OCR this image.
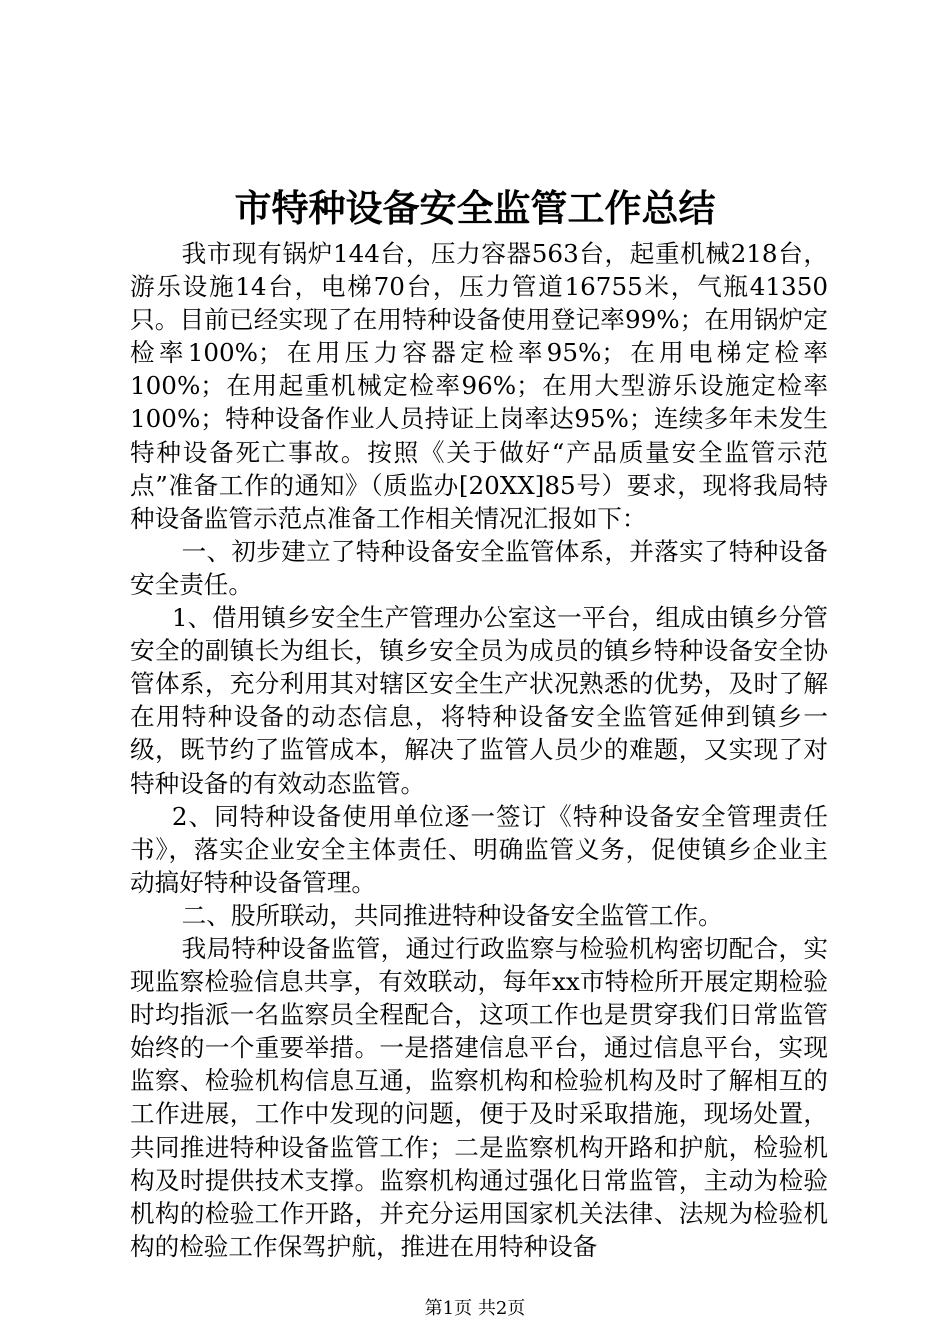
市特种设备安全监管工作总结

我市现有锅炉144台，压力容器563台，起重机械218台，游乐设施14台，电梯70台，压力管道16755米，气瓶41350只。目前已经实现了在用特种设备使用登记率99%；在用锅炉定检率100%；在用压力容器定检率95%；在用电梯定检率100%；在用起重机械定检率96%；在用大型游乐设施定检率100%；特种设备作业人员持证上岗率达95%；连续多年未发生特种设备死亡事故。按照《关于做好“产品质量安全监管示范点”准备工作的通知》（质监办[20XX]85号）要求，现将我局特种设备监管示范点准备工作相关情况汇报如下：

一、初步建立了特种设备安全监管体系，并落实了特种设备安全责任。

1、借用镇乡安全生产管理办公室这一平台，组成由镇乡分管安全的副镇长为组长，镇乡安全员为成员的镇乡特种设备安全协管体系，充分利用其对辖区安全生产状况熟悉的优势，及时了解在用特种设备的动态信息，将特种设备安全监管延伸到镇乡一级，既节约了监管成本，解决了监管人员少的难题，又实现了对特种设备的有效动态监管。

2、同特种设备使用单位逐一签订《特种设备安全管理责任书》，落实企业安全主体责任、明确监管义务，促使镇乡企业主动搞好特种设备管理。

二、股所联动，共同推进特种设备安全监管工作。

我局特种设备监管，通过行政监察与检验机构密切配合，实现监察检验信息共享，有效联动，每年xx市特检所开展定期检验时均指派一名监察员全程配合，这项工作也是贯穿我们日常监管始终的一个重要举措。一是搭建信息平台，通过信息平台，实现监察、检验机构信息互通，监察机构和检验机构及时了解相互的工作进展，工作中发现的问题，便于及时采取措施，现场处置，共同推进特种设备监管工作；二是监察机构开路和护航，检验机构及时提供技术支撑。监察机构通过强化日常监管，主动为检验机构的检验工作开路，并充分运用国家机关法律、法规为检验机构的检验工作保驾护航，推进在用特种设备

第1页 共2页
